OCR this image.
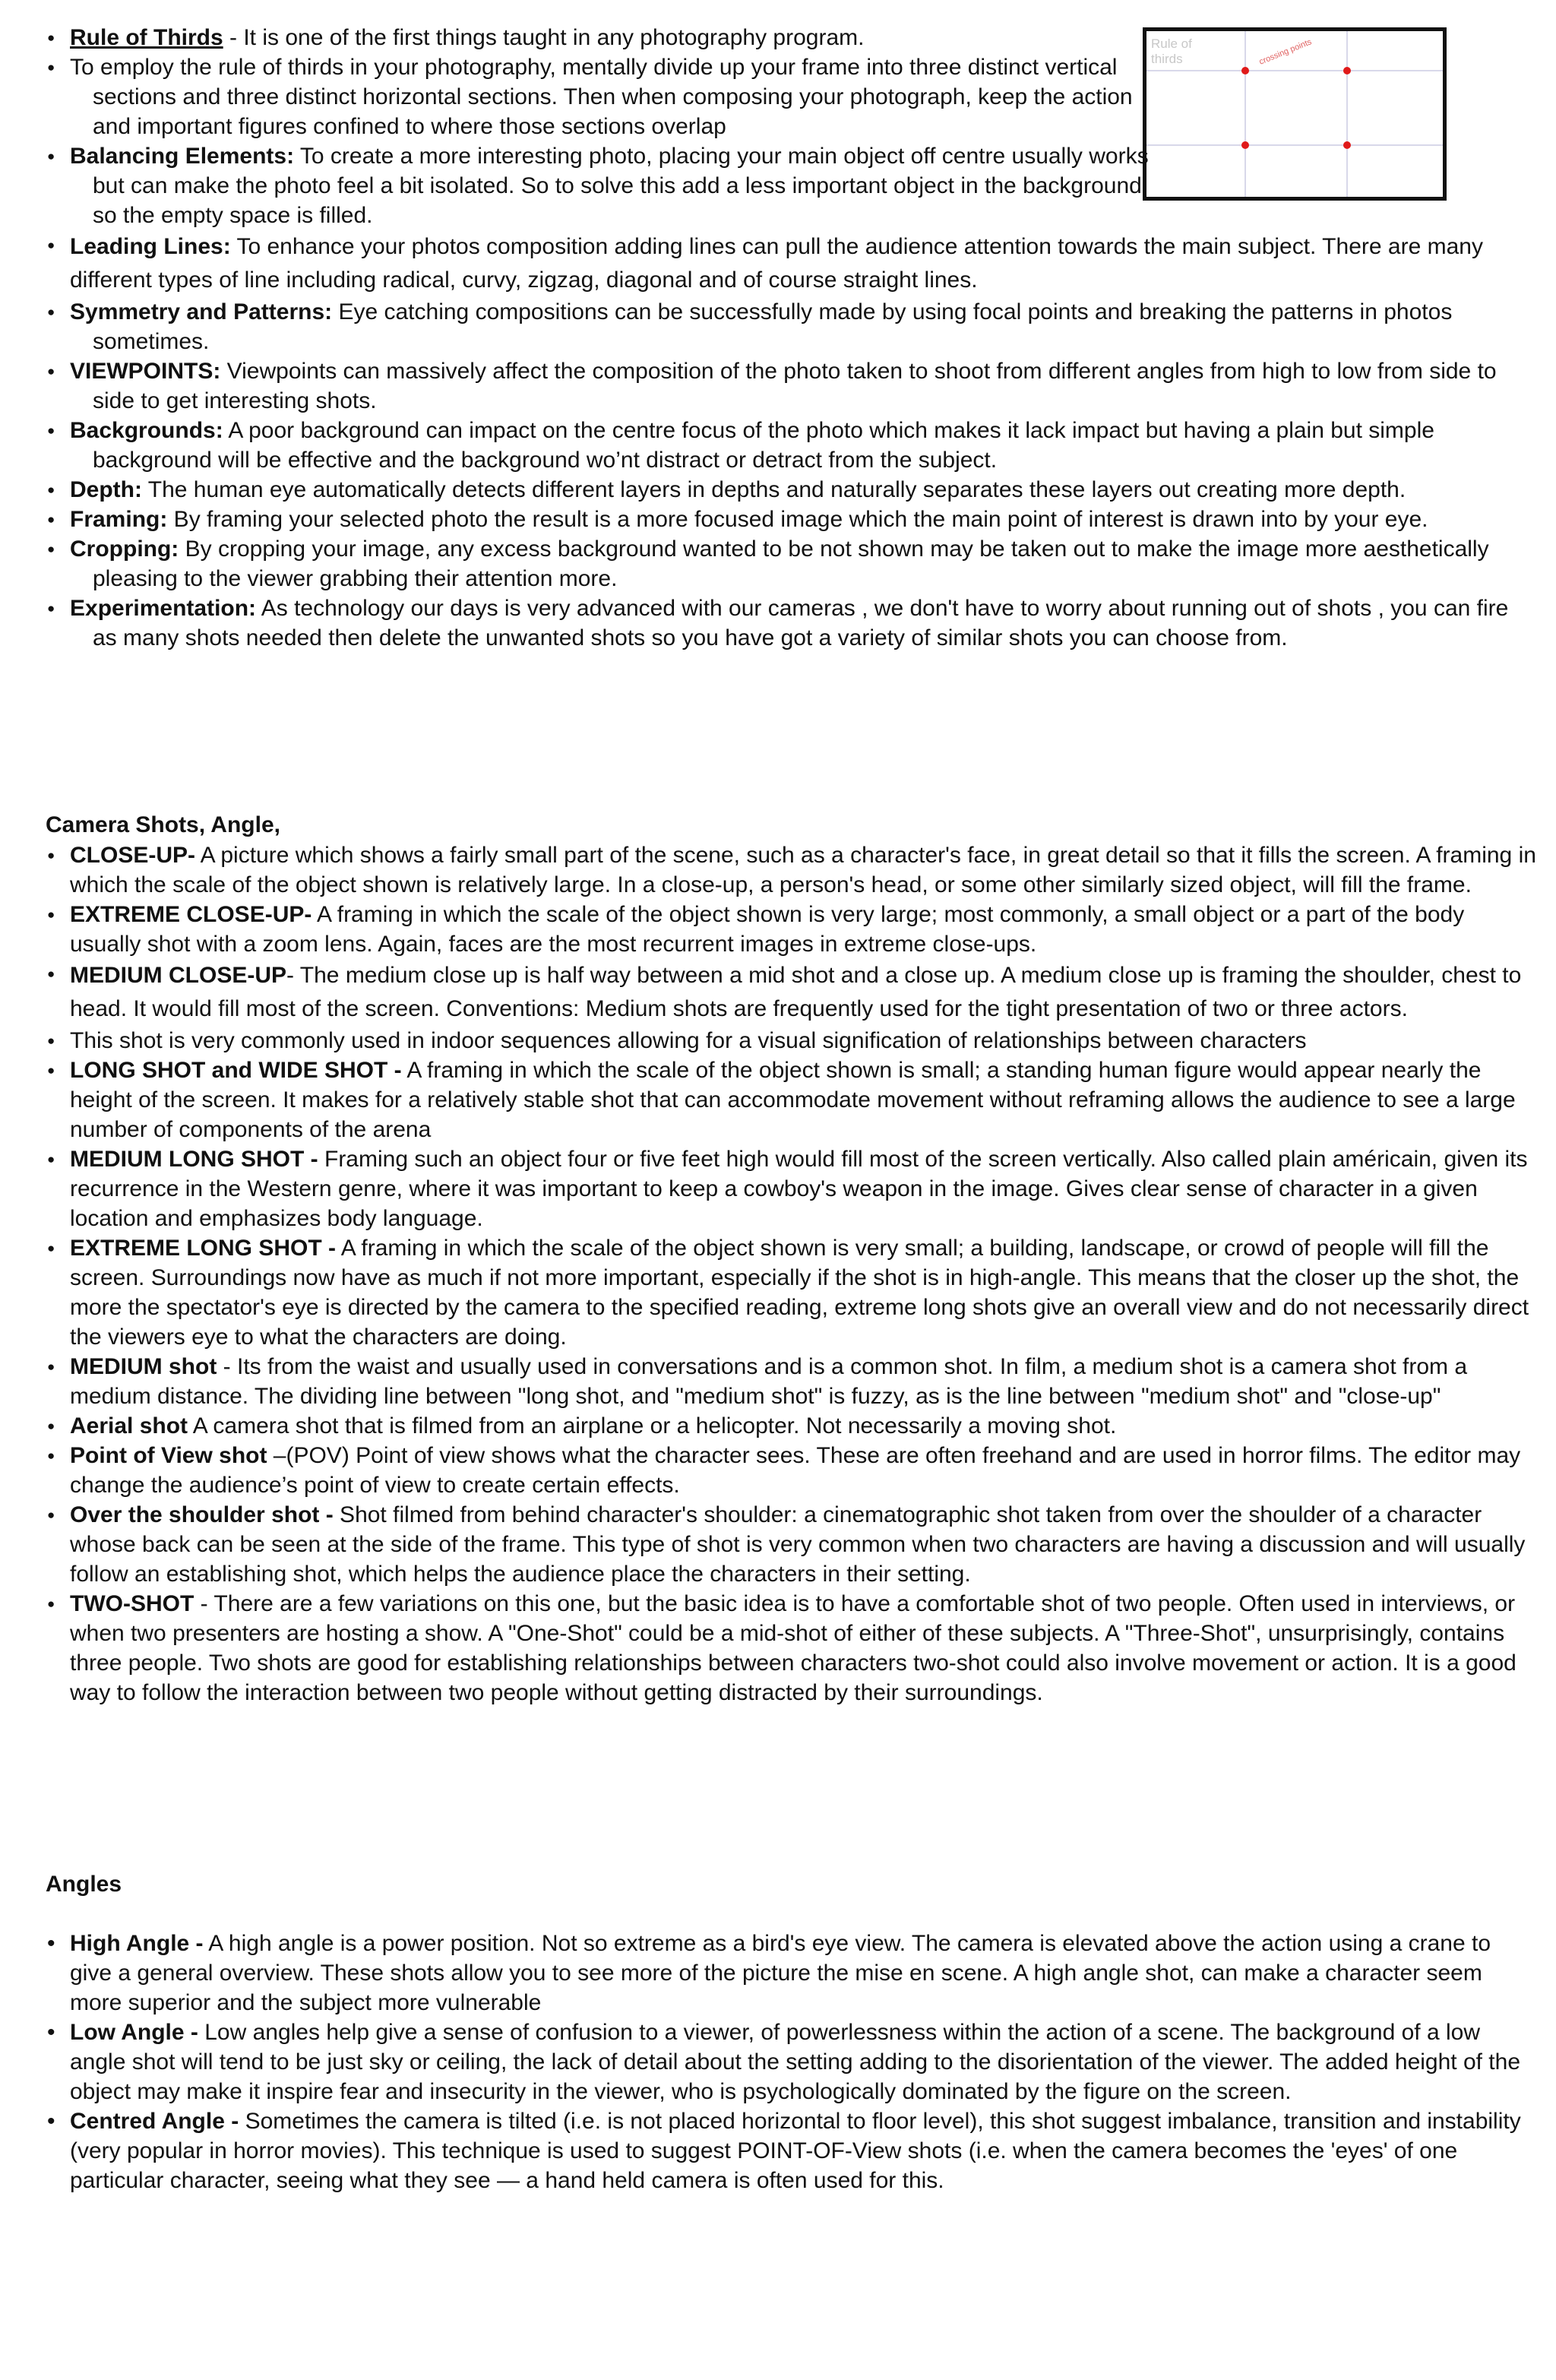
Rule of
thirds	crossing points
● Rule of Thirds - It is one of the first things taught in any photography program.
● To employ the rule of thirds in your photography, mentally divide up your frame into three distinct vertical sections and three distinct horizontal sections. Then when composing your photograph, keep the action and important figures confined to where those sections overlap
● Balancing Elements: To create a more interesting photo, placing your main object off centre usually works but can make the photo feel a bit isolated. So to solve this add a less important object in the background so the empty space is filled.
● Leading Lines: To enhance your photos composition adding lines can pull the audience attention towards the main subject. There are many different types of line including radical, curvy, zigzag, diagonal and of course straight lines.
● Symmetry and Patterns: Eye catching compositions can be successfully made by using focal points and breaking the patterns in photos sometimes.
● VIEWPOINTS: Viewpoints can massively affect the composition of the photo taken to shoot from different angles from high to low from side to side to get interesting shots.
● Backgrounds: A poor background can impact on the centre focus of the photo which makes it lack impact but having a plain but simple background will be effective and the background wo’nt distract or detract from the subject.
● Depth: The human eye automatically detects different layers in depths and naturally separates these layers out creating more depth.
● Framing: By framing your selected photo the result is a more focused image which the main point of interest is drawn into by your eye.
● Cropping: By cropping your image, any excess background wanted to be not shown may be taken out to make the image more aesthetically pleasing to the viewer grabbing their attention more.
● Experimentation: As technology our days is very advanced with our cameras , we don't have to worry about running out of shots , you can fire as many shots needed then delete the unwanted shots so you have got a variety of similar shots you can choose from.
Camera Shots, Angle,
● CLOSE-UP- A picture which shows a fairly small part of the scene, such as a character's face, in great detail so that it fills the screen. A framing in which the scale of the object shown is relatively large. In a close-up, a person's head, or some other similarly sized object, will fill the frame.
● EXTREME CLOSE-UP- A framing in which the scale of the object shown is very large; most commonly, a small object or a part of the body usually shot with a zoom lens. Again, faces are the most recurrent images in extreme close-ups.
● MEDIUM CLOSE-UP- The medium close up is half way between a mid shot and a close up. A medium close up is framing the shoulder, chest to head. It would fill most of the screen. Conventions: Medium shots are frequently used for the tight presentation of two or three actors.
● This shot is very commonly used in indoor sequences allowing for a visual signification of relationships between characters
● LONG SHOT and WIDE SHOT - A framing in which the scale of the object shown is small; a standing human figure would appear nearly the height of the screen. It makes for a relatively stable shot that can accommodate movement without reframing allows the audience to see a large number of components of the arena
● MEDIUM LONG SHOT - Framing such an object four or five feet high would fill most of the screen vertically. Also called plain américain, given its recurrence in the Western genre, where it was important to keep a cowboy's weapon in the image. Gives clear sense of character in a given location and emphasizes body language.
● EXTREME LONG SHOT - A framing in which the scale of the object shown is very small; a building, landscape, or crowd of people will fill the screen. Surroundings now have as much if not more important, especially if the shot is in high-angle. This means that the closer up the shot, the more the spectator's eye is directed by the camera to the specified reading, extreme long shots give an overall view and do not necessarily direct the viewers eye to what the characters are doing.
● MEDIUM shot - Its from the waist and usually used in conversations and is a common shot. In film, a medium shot is a camera shot from a medium distance. The dividing line between "long shot, and "medium shot" is fuzzy, as is the line between "medium shot" and "close-up"
● Aerial shot A camera shot that is filmed from an airplane or a helicopter. Not necessarily a moving shot.
● Point of View shot –(POV) Point of view shows what the character sees. These are often freehand and are used in horror films. The editor may change the audience’s point of view to create certain effects.
● Over the shoulder shot - Shot filmed from behind character's shoulder: a cinematographic shot taken from over the shoulder of a character whose back can be seen at the side of the frame. This type of shot is very common when two characters are having a discussion and will usually follow an establishing shot, which helps the audience place the characters in their setting.
● TWO-SHOT - There are a few variations on this one, but the basic idea is to have a comfortable shot of two people. Often used in interviews, or when two presenters are hosting a show. A "One-Shot" could be a mid-shot of either of these subjects. A "Three-Shot", unsurprisingly, contains three people. Two shots are good for establishing relationships between characters two-shot could also involve movement or action. It is a good way to follow the interaction between two people without getting distracted by their surroundings.
Angles
• High Angle - A high angle is a power position. Not so extreme as a bird's eye view. The camera is elevated above the action using a crane to give a general overview. These shots allow you to see more of the picture the mise en scene. A high angle shot, can make a character seem more superior and the subject more vulnerable
• Low Angle - Low angles help give a sense of confusion to a viewer, of powerlessness within the action of a scene. The background of a low angle shot will tend to be just sky or ceiling, the lack of detail about the setting adding to the disorientation of the viewer. The added height of the object may make it inspire fear and insecurity in the viewer, who is psychologically dominated by the figure on the screen.
• Centred Angle - Sometimes the camera is tilted (i.e. is not placed horizontal to floor level), this shot suggest imbalance, transition and instability (very popular in horror movies). This technique is used to suggest POINT-OF-View shots (i.e. when the camera becomes the 'eyes' of one particular character, seeing what they see — a hand held camera is often used for this.
